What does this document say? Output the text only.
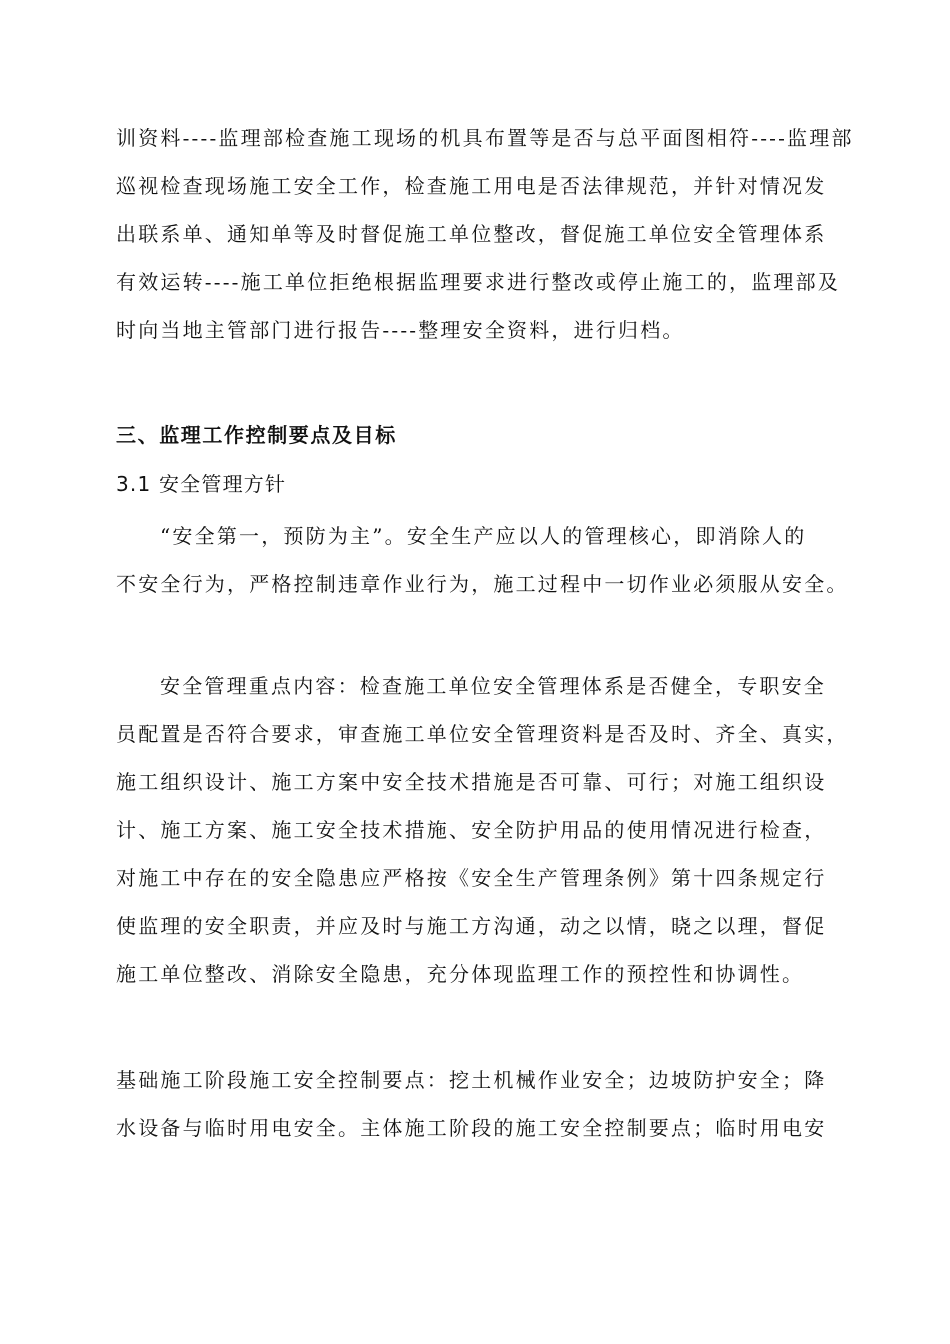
训资料----监理部检查施工现场的机具布置等是否与总平面图相符----监理部
巡视检查现场施工安全工作，检查施工用电是否法律规范，并针对情况发
出联系单、通知单等及时督促施工单位整改，督促施工单位安全管理体系
有效运转----施工单位拒绝根据监理要求进行整改或停止施工的，监理部及
时向当地主管部门进行报告----整理安全资料，进行归档。
三、监理工作控制要点及目标
3.1 安全管理方针
“安全第一，预防为主”。安全生产应以人的管理核心，即消除人的
不安全行为，严格控制违章作业行为，施工过程中一切作业必须服从安全。
安全管理重点内容：检查施工单位安全管理体系是否健全，专职安全
员配置是否符合要求，审查施工单位安全管理资料是否及时、齐全、真实，
施工组织设计、施工方案中安全技术措施是否可靠、可行；对施工组织设
计、施工方案、施工安全技术措施、安全防护用品的使用情况进行检查，
对施工中存在的安全隐患应严格按《安全生产管理条例》第十四条规定行
使监理的安全职责，并应及时与施工方沟通，动之以情，晓之以理，督促
施工单位整改、消除安全隐患，充分体现监理工作的预控性和协调性。
基础施工阶段施工安全控制要点：挖土机械作业安全；边坡防护安全；降
水设备与临时用电安全。主体施工阶段的施工安全控制要点；临时用电安
